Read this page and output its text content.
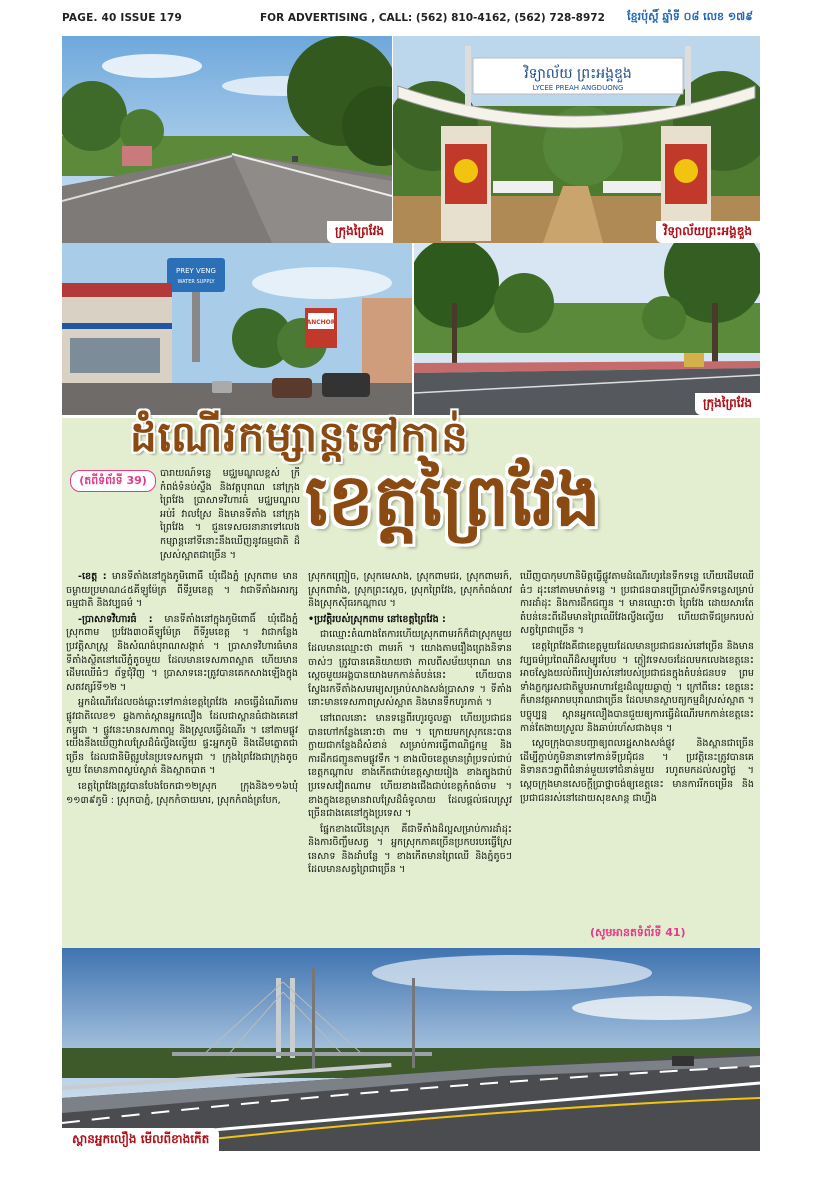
PAGE. 40 ISSUE 179	FOR ADVERTISING , CALL: (562) 810-4162, (562) 728-8972 ខ្មែរប៉ុស្តិ៍ ឆ្នាំទី ០៨ លេខ ១៧៩
ក្រុងព្រៃវែង
វិទ្យាល័យ ព្រះអង្គឌួង
LYCEE PREAH ANGDUONG
វិទ្យាល័យព្រះអង្គឌួង
PREY VENG
WATER SUPPLY
ANCHOR
ក្រុងព្រៃវែង
ដំណើរកម្សាន្តទៅកាន់
ខេត្តព្រៃវែង
(តពីទំព័រទី 39)

បារាយណ៍ទន្លេ មជ្ឈមណ្ឌលខ្ពស់ ក្រី កំពង់ទំនប់ស្ទឹង និងវត្តបុរាណ នៅក្រុងព្រៃវែង ប្រាសាទវិហារធំ មជ្ឈមណ្ឌលអប់រំ វាលស្រែ និងមានទីតាំង នៅក្រុងព្រៃវែង ។ ជួនទេសចរនានាទៅលេងកម្សាន្តនៅទីនោះនឹងឃើញនូវធម្មជាតិ ដ៏ស្រស់ស្អាតជាច្រើន ។

-ខេត្ត : មានទីតាំងនៅក្នុងភូមិពោធិ៍ ឃុំជើងភ្នំ ស្រុកពាម មានចម្ងាយប្រមាណ៤៥គីឡូម៉ែត្រ ពីទីរួមខេត្ត ។ វាជាទីតាំងអារក្សធម្មជាតិ និងវប្បធម៌ ។

-ប្រាសាទវិហារធំ : មានទីតាំងនៅក្នុងភូមិពោធិ៍ ឃុំជើងភ្នំ ស្រុកពាម ប្រវែង៣០គីឡូម៉ែត្រ ពីទីរួមខេត្ត ។ វាជាកន្លែងប្រវត្តិសាស្ត្រ និងសំណង់បុរាណសង្កាត់ ។ ប្រាសាទវិហារធំមានទីតាំងស្ថិតនៅលើភ្នំតូចមួយ ដែលមានទេសភាពស្អាត ហើយមានដើមឈើធំៗ ព័ទ្ធជុំវិញ ។ ប្រាសាទនេះត្រូវបានគេកសាងឡើងក្នុងសតវត្សរ៍ទី១២ ។

អ្នកដំណើរដែលចង់ឆ្ពោះទៅកាន់ខេត្តព្រៃវែង អាចធ្វើដំណើរតាមផ្លូវជាតិលេខ១ ឆ្លងកាត់ស្ពានអ្នកលឿង ដែលជាស្ពានធំជាងគេនៅកម្ពុជា ។ ផ្លូវនេះមានសភាពល្អ និងស្រួលធ្វើដំណើរ ។ នៅតាមផ្លូវយើងនឹងឃើញវាលស្រែដ៏ធំល្វឹងល្វើយ ផ្ទះអ្នកភូមិ និងដើមត្នោតជាច្រើន ដែលជានិមិត្តរូបនៃប្រទេសកម្ពុជា ។ ក្រុងព្រៃវែងជាក្រុងតូចមួយ តែមានភាពស្ងប់ស្ងាត់ និងស្អាតបាត ។

ខេត្តព្រៃវែងត្រូវបានបែងចែកជា១២ស្រុក ក្រុងនិង១១៦ឃុំ ១១៣៩ភូមិ : ស្រុកបាភ្នំ, ស្រុកកំចាយមារ, ស្រុកកំពង់ត្របែក,

ស្រុកកញ្ជ្រៀច, ស្រុកមេសាង, ស្រុកពាមជរ, ស្រុកពាមរក៍, ស្រុកពារាំង, ស្រុកព្រះស្ដេច, ស្រុកព្រៃវែង, ស្រុកកំពង់លាវ និងស្រុកស៊ីធរកណ្ដាល ។

•ប្រវត្តិរបស់ស្រុកពាម នៅខេត្តព្រៃវែង :

ជាឈ្មោះតំណាងតែការហើយស្រុកពាមរក៍ក៏ជាស្រុកមួយដែលមានឈ្មោះថា ពាមរក៍ ។ យោងតាមរឿងព្រេងនិទានចាស់ៗ ត្រូវបានគេនិយាយថា កាលពីសម័យបុរាណ មានស្ដេចមួយអង្គបានយាងមកកាន់តំបន់នេះ ហើយបានស្វែងរកទីតាំងសមរម្យសម្រាប់សាងសង់ប្រាសាទ ។ ទីតាំងនោះមានទេសភាពស្រស់ស្អាត និងមានទឹកហូរកាត់ ។

នៅពេលនោះ មានទន្លេពីរហូរចូលគ្នា ហើយប្រជាជនបានហៅកន្លែងនោះថា ពាម ។ ក្រោយមកស្រុកនេះបានក្លាយជាកន្លែងដ៏សំខាន់ សម្រាប់ការធ្វើពាណិជ្ជកម្ម និងការដឹកជញ្ជូនតាមផ្លូវទឹក ។ ខាងលិចខេត្តមានព្រំប្រទល់ជាប់ខេត្តកណ្ដាល ខាងកើតជាប់ខេត្តស្វាយរៀង ខាងត្បូងជាប់ប្រទេសវៀតណាម ហើយខាងជើងជាប់ខេត្តកំពង់ចាម ។ ខាងក្នុងខេត្តមានវាលស្រែដ៏ធំទូលាយ ដែលផ្ដល់ផលស្រូវច្រើនជាងគេនៅក្នុងប្រទេស ។

ផ្នែកខាងលើនៃស្រុក គឺជាទីតាំងដ៏ល្អសម្រាប់ការដាំដុះ និងការចិញ្ចឹមសត្វ ។ អ្នកស្រុកភាគច្រើនប្រកបរបរធ្វើស្រែ នេសាទ និងដាំបន្លែ ។ ខាងកើតមានព្រៃឈើ និងភ្នំតូចៗ ដែលមានសត្វព្រៃជាច្រើន ។

ឃើញបាកុមហានិមិត្តធ្វើផ្លូវតាមដំណើរហូរនៃទឹកទន្លេ ហើយដើមឈើធំៗ ដុះនៅតាមមាត់ទន្លេ ។ ប្រជាជនបានប្រើប្រាស់ទឹកទន្លេសម្រាប់ការដាំដុះ និងការដឹកជញ្ជូន ។ មានឈ្មោះថា ព្រៃវែង ដោយសារតែតំបន់នេះពីដើមមានព្រៃឈើវែងល្វឹងល្វើយ ហើយជាទីជម្រករបស់សត្វព្រៃជាច្រើន ។

ខេត្តព្រៃវែងគឺជាខេត្តមួយដែលមានប្រជាជនរស់នៅច្រើន និងមានវប្បធម៌ប្រពៃណីដ៏សម្បូរបែប ។ ភ្ញៀវទេសចរដែលមកលេងខេត្តនេះ អាចស្វែងយល់ពីរបៀបរស់នៅរបស់ប្រជាជនក្នុងតំបន់ជនបទ ព្រមទាំងភ្លក្សរសជាតិម្ហូបអាហារខ្មែរដ៏ឈ្ងុយឆ្ងាញ់ ។ ក្រៅពីនេះ ខេត្តនេះក៏មានវត្តអារាមបុរាណជាច្រើន ដែលមានស្ថាបត្យកម្មដ៏ស្រស់ស្អាត ។ បច្ចុប្បន្ន ស្ពានអ្នកលឿងបានជួយឲ្យការធ្វើដំណើរមកកាន់ខេត្តនេះកាន់តែងាយស្រួល និងឆាប់រហ័សជាងមុន ។

ស្ដេចក្រុងបានបញ្ជាឲ្យពលរដ្ឋសាងសង់ផ្លូវ និងស្ពានជាច្រើន ដើម្បីភ្ជាប់ភូមិនានាទៅកាន់ទីប្រជុំជន ។ ប្រវត្តិនេះត្រូវបានគេនិទានតៗគ្នាពីជំនាន់មួយទៅជំនាន់មួយ រហូតមកដល់សព្វថ្ងៃ ។ ស្ដេចក្រុងមានសេចក្ដីប្រាថ្នាចង់ឲ្យខេត្តនេះ មានការរីកចម្រើន និងប្រជាជនរស់នៅដោយសុខសាន្ត ជាហ្នឹង

(សូមអានតទំព័រទី 41)
ស្ពានអ្នកលឿង មើលពីខាងកើត
